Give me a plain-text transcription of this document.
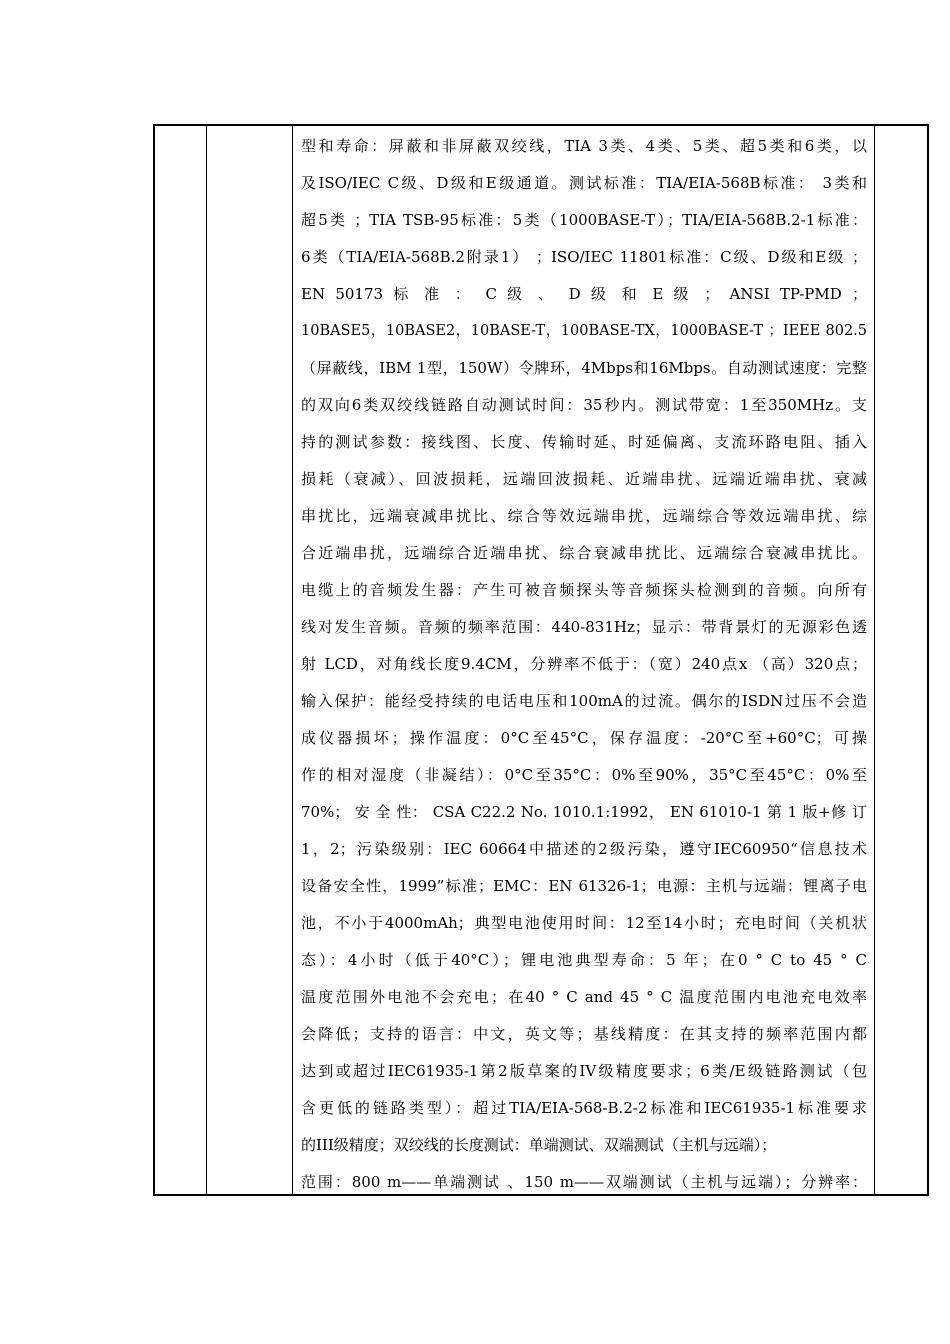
型和寿命：屏蔽和非屏蔽双绞线，TIA 3类、4类、5类、超5类和6类，以
及ISO/IEC C级、D级和E级通道。测试标准：TIA/EIA-568B标准： 3类和
超5类 ；TIA TSB-95标准：5类（1000BASE-T）；TIA/EIA-568B.2-1标准：
6类（TIA/EIA-568B.2附录1） ；ISO/IEC 11801标准：C级、D级和E级 ；
EN 50173 标 准 ： C 级 、 D 级 和 E 级 ； ANSI TP-PMD ；
10BASE5，10BASE2，10BASE-T，100BASE-TX，1000BASE-T ；IEEE 802.5
（屏蔽线，IBM 1型，150W）令牌环，4Mbps和16Mbps。自动测试速度：完整
的双向6类双绞线链路自动测试时间：35秒内。测试带宽：1至350MHz。支
持的测试参数：接线图、长度、传输时延、时延偏离、支流环路电阻、插入
损耗（衰减）、回波损耗，远端回波损耗、近端串扰、远端近端串扰、衰减
串扰比，远端衰减串扰比、综合等效远端串扰，远端综合等效远端串扰、综
合近端串扰，远端综合近端串扰、综合衰减串扰比、远端综合衰减串扰比。
电缆上的音频发生器：产生可被音频探头等音频探头检测到的音频。向所有
线对发生音频。音频的频率范围：440-831Hz；显示：带背景灯的无源彩色透
射 LCD，对角线长度9.4CM，分辨率不低于：（宽）240点x （高）320点；
输入保护：能经受持续的电话电压和100mA的过流。偶尔的ISDN过压不会造
成仪器损坏；操作温度：0°C至45°C，保存温度：-20°C至+60°C；可操
作的相对湿度（非凝结）：0°C至35°C：0%至90%，35°C至45°C：0%至
70%； 安 全 性： CSA C22.2 No. 1010.1:1992， EN 61010-1 第 1 版+修 订
1，2；污染级别：IEC 60664中描述的2级污染，遵守IEC60950“信息技术
设备安全性，1999”标准；EMC：EN 61326-1；电源：主机与远端：锂离子电
池，不小于4000mAh；典型电池使用时间：12至14小时；充电时间（关机状
态）：4小时（低于40°C）；锂电池典型寿命：5 年；在0 ° C to 45 ° C
温度范围外电池不会充电；在40 ° C and 45 ° C 温度范围内电池充电效率
会降低；支持的语言：中文，英文等；基线精度：在其支持的频率范围内都
达到或超过IEC61935-1第2版草案的IV级精度要求；6类/E级链路测试（包
含更低的链路类型）：超过TIA/EIA-568-B.2-2标准和IEC61935-1标准要求
的III级精度；双绞线的长度测试：单端测试、双端测试（主机与远端）；
范围：800 m——单端测试 、150 m——双端测试（主机与远端）；分辨率：
